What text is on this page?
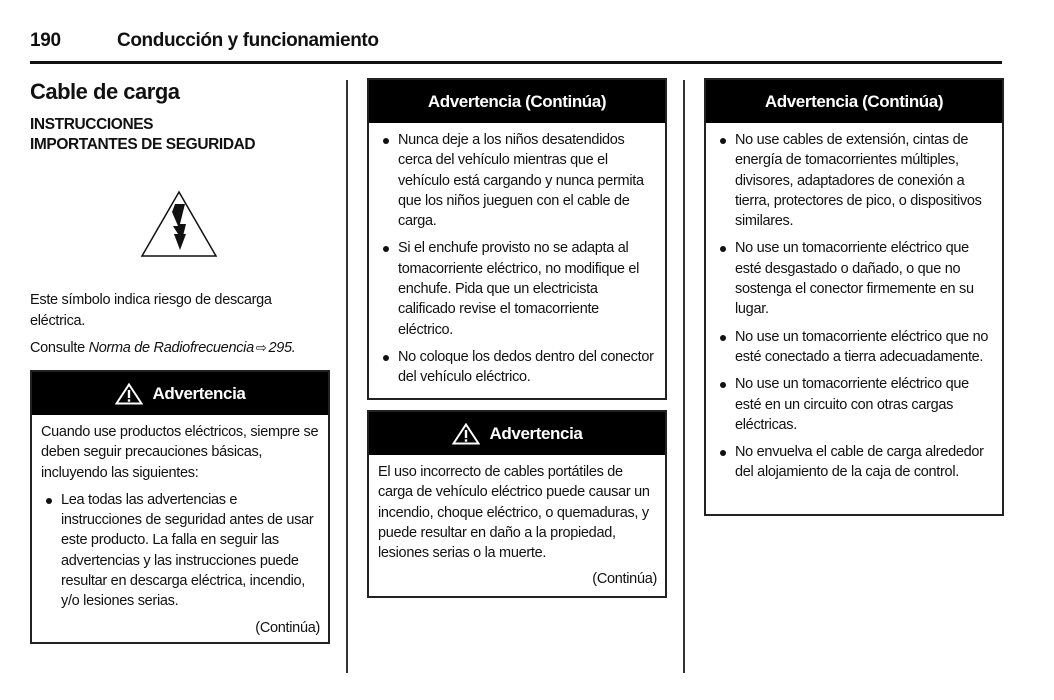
190	Conducción y funcionamiento
Cable de carga
INSTRUCCIONES IMPORTANTES DE SEGURIDAD
Este símbolo indica riesgo de descarga eléctrica.
Consulte Norma de Radiofrecuencia ⇨ 295.
Advertencia
Cuando use productos eléctricos, siempre se deben seguir precauciones básicas, incluyendo las siguientes:
Lea todas las advertencias e instrucciones de seguridad antes de usar este producto. La falla en seguir las advertencias y las instrucciones puede resultar en descarga eléctrica, incendio, y/o lesiones serias.
(Continúa)
Advertencia (Continúa)
Nunca deje a los niños desatendidos cerca del vehículo mientras que el vehículo está cargando y nunca permita que los niños jueguen con el cable de carga.
Si el enchufe provisto no se adapta al tomacorriente eléctrico, no modifique el enchufe. Pida que un electricista calificado revise el tomacorriente eléctrico.
No coloque los dedos dentro del conector del vehículo eléctrico.
Advertencia
El uso incorrecto de cables portátiles de carga de vehículo eléctrico puede causar un incendio, choque eléctrico, o quemaduras, y puede resultar en daño a la propiedad, lesiones serias o la muerte.
(Continúa)
Advertencia (Continúa)
No use cables de extensión, cintas de energía de tomacorrientes múltiples, divisores, adaptadores de conexión a tierra, protectores de pico, o dispositivos similares.
No use un tomacorriente eléctrico que esté desgastado o dañado, o que no sostenga el conector firmemente en su lugar.
No use un tomacorriente eléctrico que no esté conectado a tierra adecuadamente.
No use un tomacorriente eléctrico que esté en un circuito con otras cargas eléctricas.
No envuelva el cable de carga alrededor del alojamiento de la caja de control.
